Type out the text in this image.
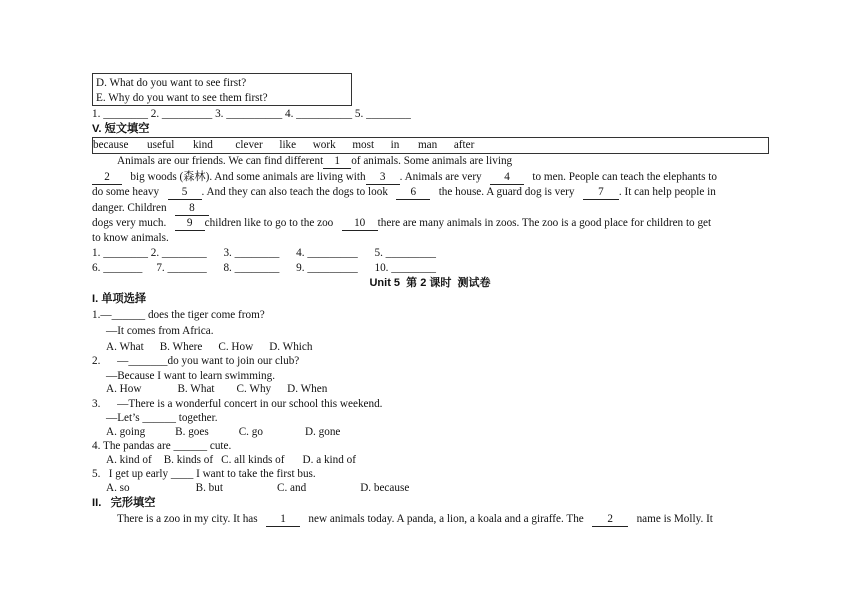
D. What do you want to see first?
E. Why do you want to see them first?
1. ________ 2. _________ 3. __________ 4. __________ 5. ________
V. 短文填空
because useful kind clever like work most in man after
Animals are our friends. We can find different 1 of animals. Some animals are living
2 big woods (森林). And some animals are living with 3 . Animals are very 4 to men. People can teach the elephants to
do some heavy 5 . And they can also teach the dogs to look 6 the house. A guard dog is very 7 . It can help people in
danger. Children 8
dogs very much. 9 children like to go to the zoo 10 there are many animals in zoos. The zoo is a good place for children to get
to know animals.
1. ________ 2. ________      3. ________      4. _________      5. _________
6. _______     7. _______      8. ________      9. _________      10. ________
Unit 5  第 2 课时  测试卷
I. 单项选择
1.—______ does the tiger come from?
—It comes from Africa.
A. What B. Where C. How D. Which
2.      —_______do you want to join our club?
—Because I want to learn swimming.
A. How	B. What C. Why D. When
3.      —There is a wonderful concert in our school this weekend.
—Let’s ______ together.
A. going	B. goes	C. go	D. gone
4. The pandas are ______ cute.
A. kind of B. kinds of C. all kinds of D. a kind of
5.   I get up early ____ I want to take the first bus.
A. so	B. but	C. and	D. because
II.   完形填空
There is a zoo in my city. It has 1 new animals today. A panda, a lion, a koala and a giraffe. The 2 name is Molly. It
